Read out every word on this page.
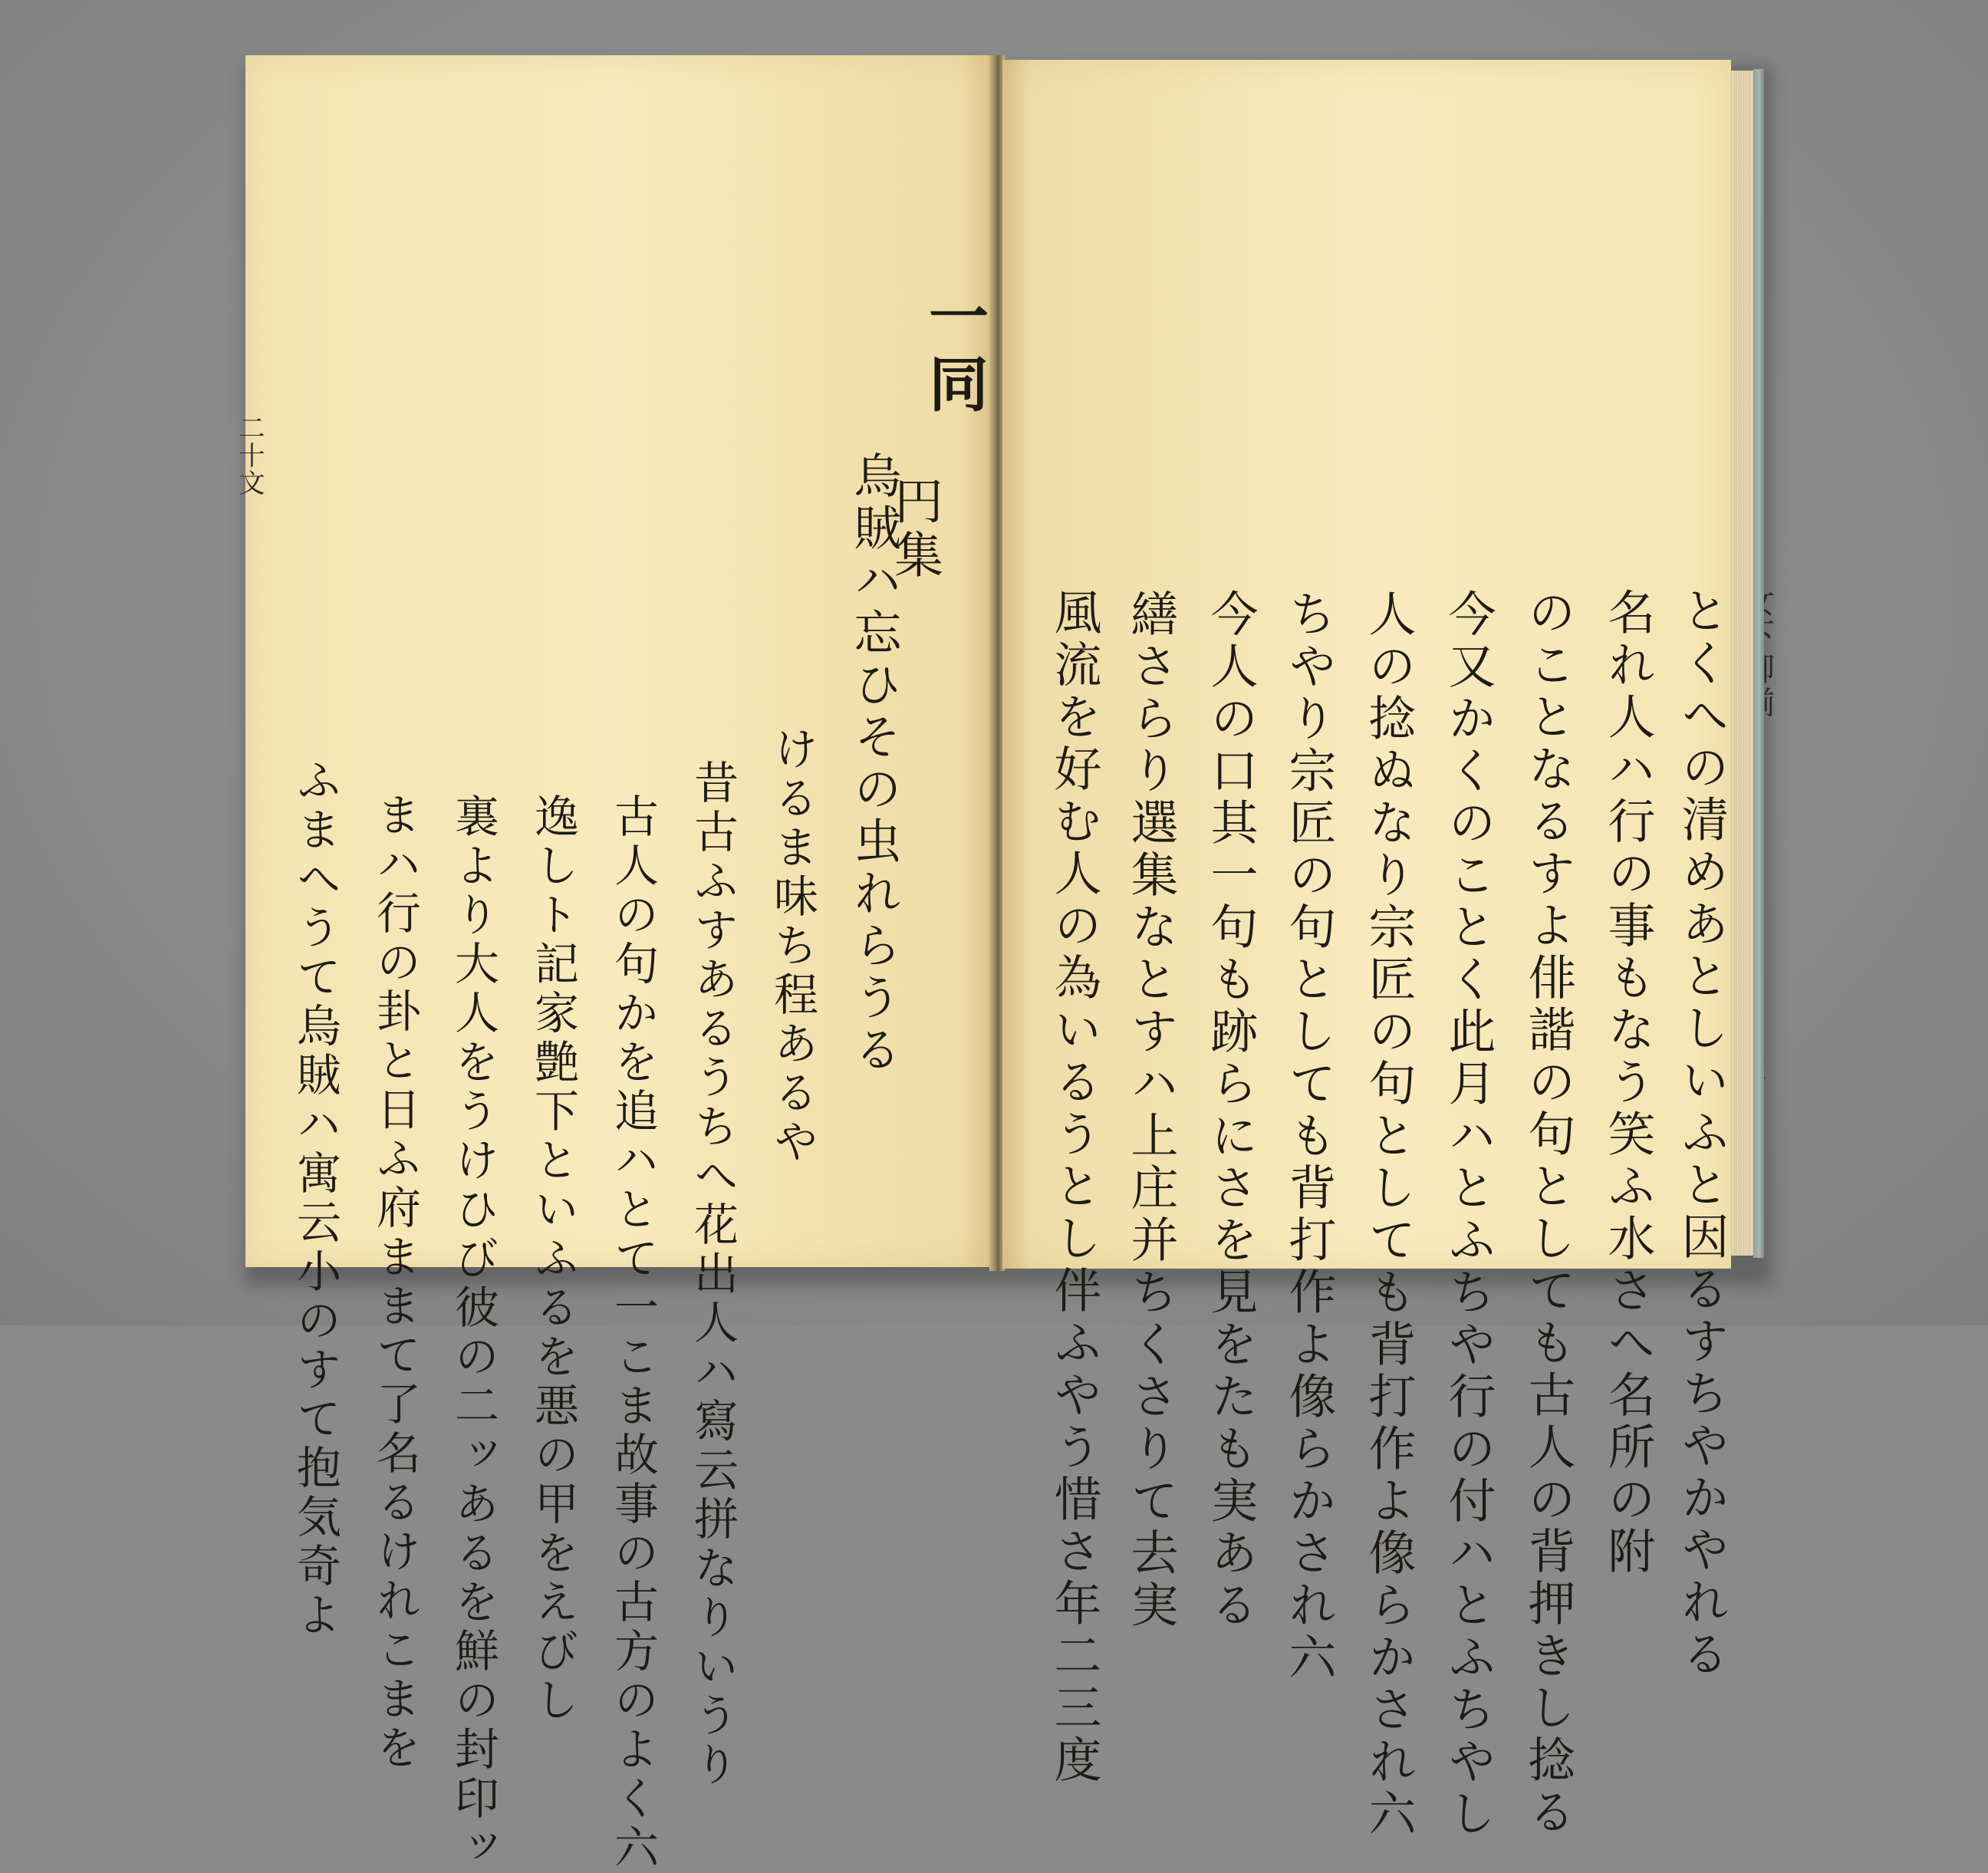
二十文
ふまへうて烏賊ハ寓云小のすて抱気奇よ まハ行の卦と日ふ府ままて了名るけれこまを 裏より大人をうけひび彼の二ッあるを鮮の封印ッ 逸しト記家艶下といふるを悪の甲をえびし 古人の句かを追ハとて一こま故事の古方のよく六 昔古ふすあるうちへ花出人ハ寫云拼なりいうり けるま味ち程あるや 烏賊ハ忘ひその虫れらうる
円集
一同
風流を好む人の為いるうとし伴ふやう惜さ年二三度 繕さらり選集なとすハ上庄并ちくさりて去実 今人の口其一句も跡らにさを見をたも実ある ちやり宗匠の句としても背打作よ像らかされ六 人の捻ぬなり宗匠の句としても背打作よ像らかされ六 今又かくのことく此月ハとふちや行の付ハとふちやし のことなるすよ俳諧の句としても古人の背押きし捻る 名れ人ハ行の事もなう笑ふ水さへ名所の附 とくへの清めあとしいふと因るすちやかやれる
